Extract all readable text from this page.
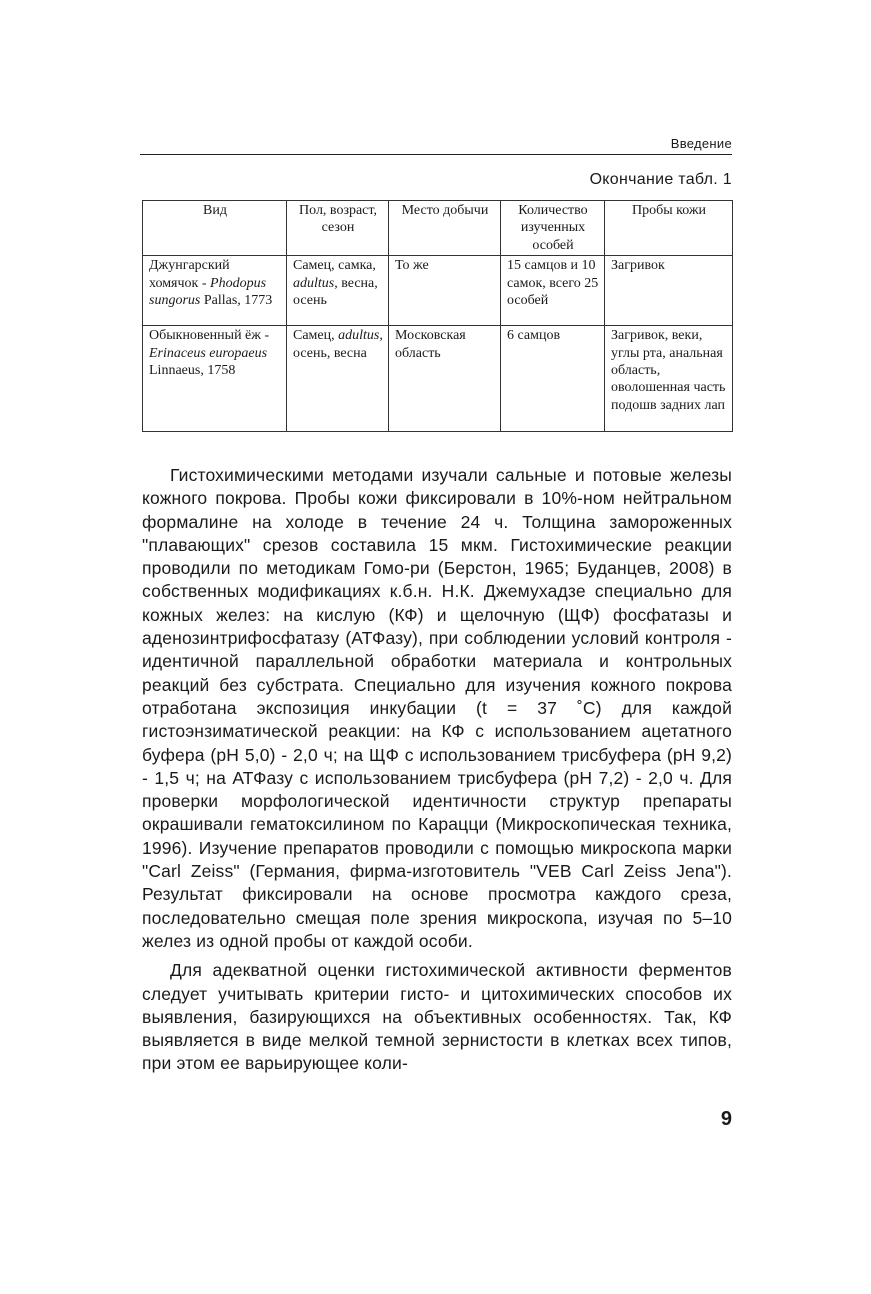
Введение
Окончание табл. 1
Вид	Пол, возраст, сезон	Место добычи	Количество изученных особей	Пробы кожи
Джунгарский хомячок - Phodopus sungorus Pallas, 1773	Самец, самка, adultus, весна, осень	То же	15 самцов и 10 самок, всего 25 особей	Загривок
Обыкновенный ёж - Erinaceus europaeus Linnaeus, 1758	Самец, adultus, осень, весна	Московская область	6 самцов	Загривок, веки, углы рта, анальная область, оволошенная часть подошв задних лап

Гистохимическими методами изучали сальные и потовые железы кожного покрова. Пробы кожи фиксировали в 10%-ном нейтральном формалине на холоде в течение 24 ч. Толщина замороженных "плавающих" срезов составила 15 мкм. Гистохимические реакции проводили по методикам Гомо-ри (Берстон, 1965; Буданцев, 2008) в собственных модификациях к.б.н. Н.К. Джемухадзе специально для кожных желез: на кислую (КФ) и щелочную (ЩФ) фосфатазы и аденозинтрифосфатазу (АТФазу), при соблюдении условий контроля - идентичной параллельной обработки материала и контрольных реакций без субстрата. Специально для изучения кожного покрова отработана экспозиция инкубации (t = 37 ˚С) для каждой гистоэнзиматической реакции: на КФ с использованием ацетатного буфера (рН 5,0) - 2,0 ч; на ЩФ с использованием трисбуфера (рН 9,2) - 1,5 ч; на АТФазу с использованием трисбуфера (рН 7,2) - 2,0 ч. Для проверки морфологической идентичности структур препараты окрашивали гематоксилином по Карацци (Микроскопическая техника, 1996). Изучение препаратов проводили с помощью микроскопа марки "Carl Zeiss" (Германия, фирма-изготовитель "VEB Carl Zeiss Jena"). Результат фиксировали на основе просмотра каждого среза, последовательно смещая поле зрения микроскопа, изучая по 5–10 желез из одной пробы от каждой особи.

Для адекватной оценки гистохимической активности ферментов следует учитывать критерии гисто- и цитохимических способов их выявления, базирующихся на объективных особенностях. Так, КФ выявляется в виде мелкой темной зернистости в клетках всех типов, при этом ее варьирующее коли-

9
